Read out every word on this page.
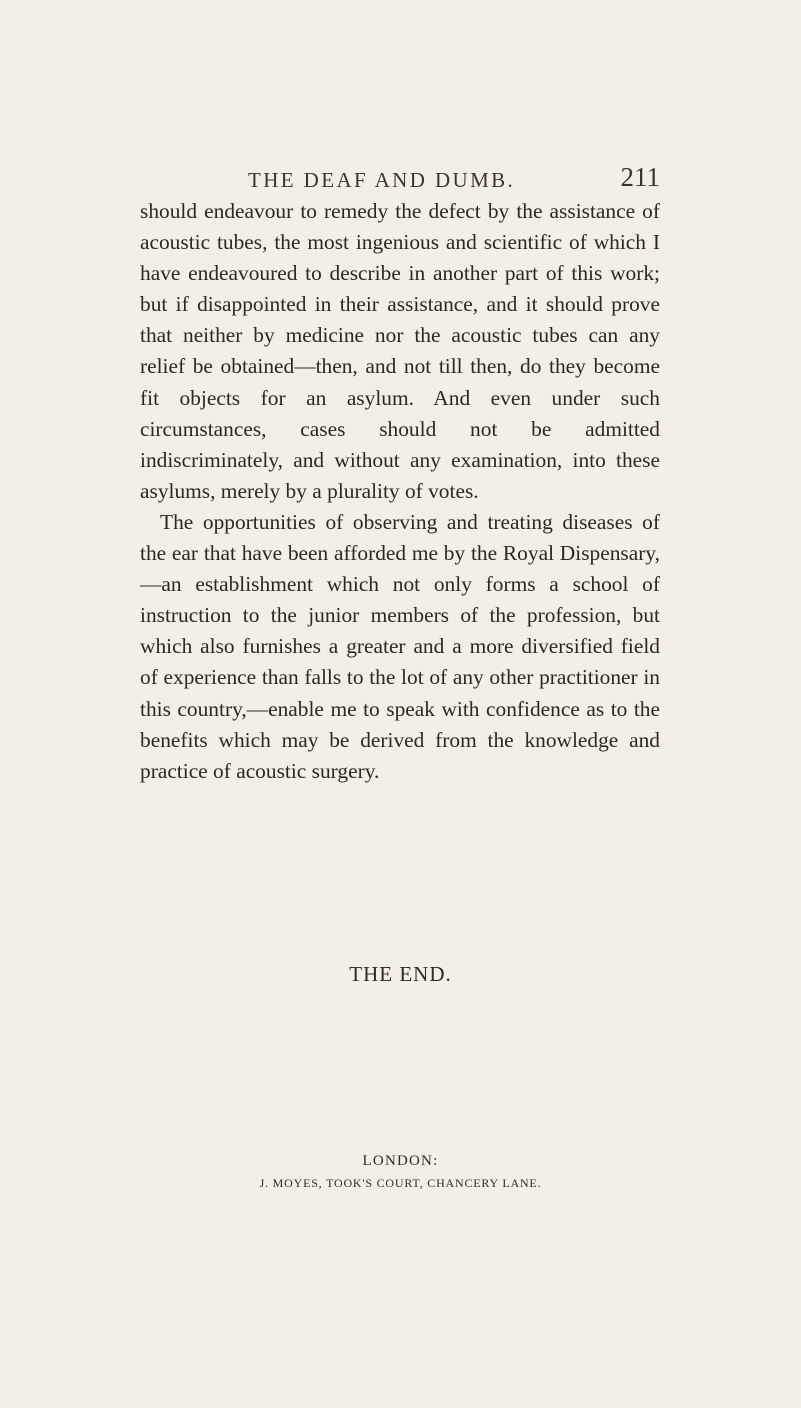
THE DEAF AND DUMB.	211

should endeavour to remedy the defect by the assistance of acoustic tubes, the most ingenious and scientific of which I have endeavoured to describe in another part of this work; but if disappointed in their assistance, and it should prove that neither by medicine nor the acoustic tubes can any relief be obtained—then, and not till then, do they become fit objects for an asylum. And even under such circumstances, cases should not be admitted indiscriminately, and without any examination, into these asylums, merely by a plurality of votes.

The opportunities of observing and treating diseases of the ear that have been afforded me by the Royal Dispensary,—an establishment which not only forms a school of instruction to the junior members of the profession, but which also furnishes a greater and a more diversified field of experience than falls to the lot of any other practitioner in this country,—enable me to speak with confidence as to the benefits which may be derived from the knowledge and practice of acoustic surgery.

THE END.
LONDON:
J. MOYES, TOOK'S COURT, CHANCERY LANE.
